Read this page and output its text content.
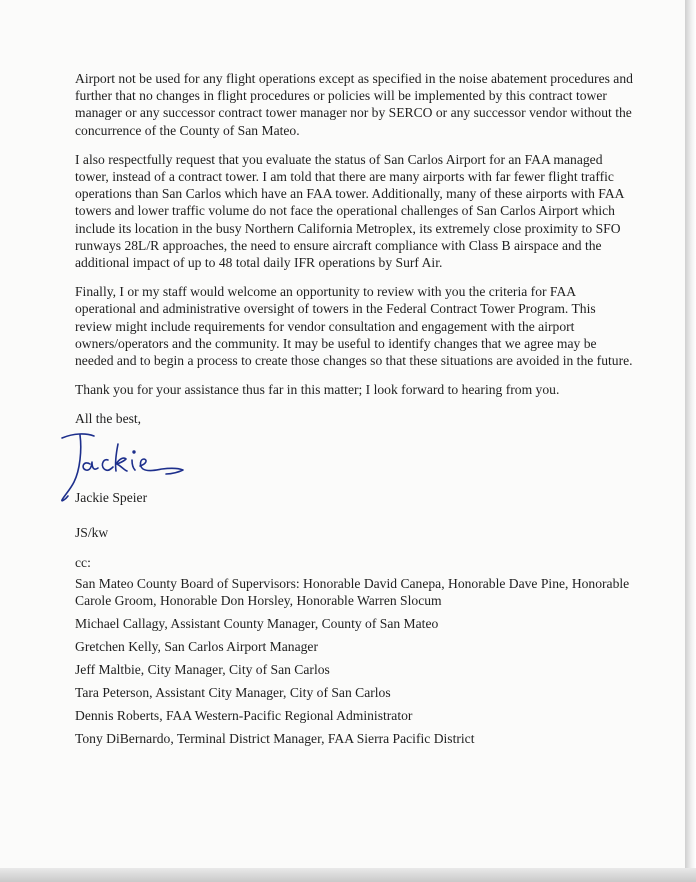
Airport not be used for any flight operations except as specified in the noise abatement procedures and further that no changes in flight procedures or policies will be implemented by this contract tower manager or any successor contract tower manager nor by SERCO or any successor vendor without the concurrence of the County of San Mateo.

I also respectfully request that you evaluate the status of San Carlos Airport for an FAA managed tower, instead of a contract tower. I am told that there are many airports with far fewer flight traffic operations than San Carlos which have an FAA tower. Additionally, many of these airports with FAA towers and lower traffic volume do not face the operational challenges of San Carlos Airport which include its location in the busy Northern California Metroplex, its extremely close proximity to SFO runways 28L/R approaches, the need to ensure aircraft compliance with Class B airspace and the additional impact of up to 48 total daily IFR operations by Surf Air.

Finally, I or my staff would welcome an opportunity to review with you the criteria for FAA operational and administrative oversight of towers in the Federal Contract Tower Program. This review might include requirements for vendor consultation and engagement with the airport owners/operators and the community. It may be useful to identify changes that we agree may be needed and to begin a process to create those changes so that these situations are avoided in the future.

Thank you for your assistance thus far in this matter; I look forward to hearing from you.

All the best,

Jackie Speier
JS/kw
cc:
San Mateo County Board of Supervisors: Honorable David Canepa, Honorable Dave Pine, Honorable Carole Groom, Honorable Don Horsley, Honorable Warren Slocum
Michael Callagy, Assistant County Manager, County of San Mateo
Gretchen Kelly, San Carlos Airport Manager
Jeff Maltbie, City Manager, City of San Carlos
Tara Peterson, Assistant City Manager, City of San Carlos
Dennis Roberts, FAA Western-Pacific Regional Administrator
Tony DiBernardo, Terminal District Manager, FAA Sierra Pacific District
